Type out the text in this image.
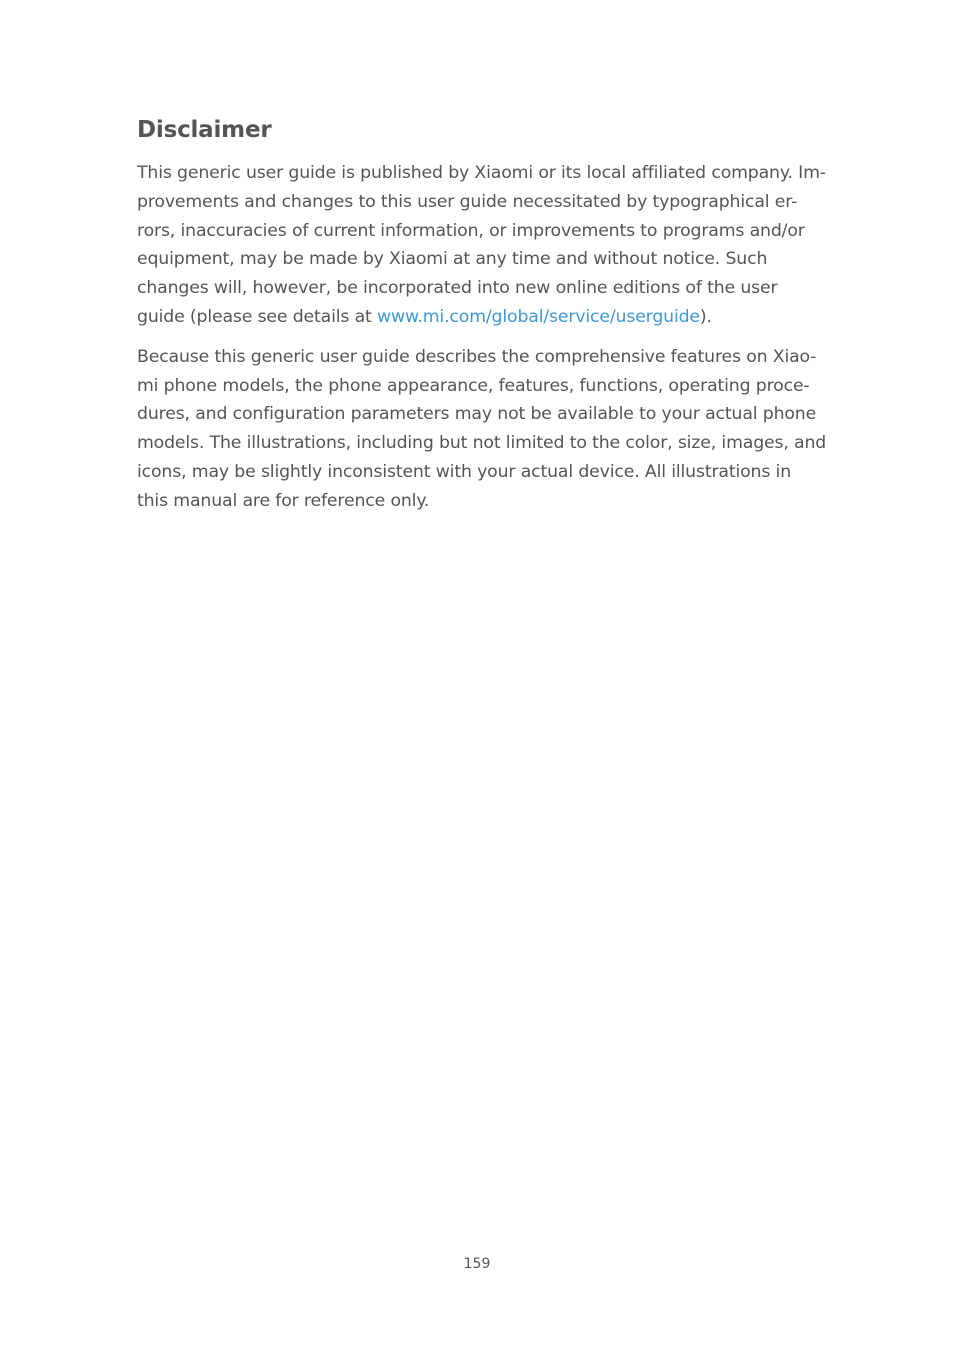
Disclaimer

This generic user guide is published by Xiaomi or its local affiliated company. Im-
provements and changes to this user guide necessitated by typographical er-
rors, inaccuracies of current information, or improvements to programs and/or
equipment, may be made by Xiaomi at any time and without notice. Such
changes will, however, be incorporated into new online editions of the user
guide (please see details at www.mi.com/global/service/userguide).

Because this generic user guide describes the comprehensive features on Xiao-
mi phone models, the phone appearance, features, functions, operating proce-
dures, and configuration parameters may not be available to your actual phone
models. The illustrations, including but not limited to the color, size, images, and
icons, may be slightly inconsistent with your actual device. All illustrations in
this manual are for reference only.

159
